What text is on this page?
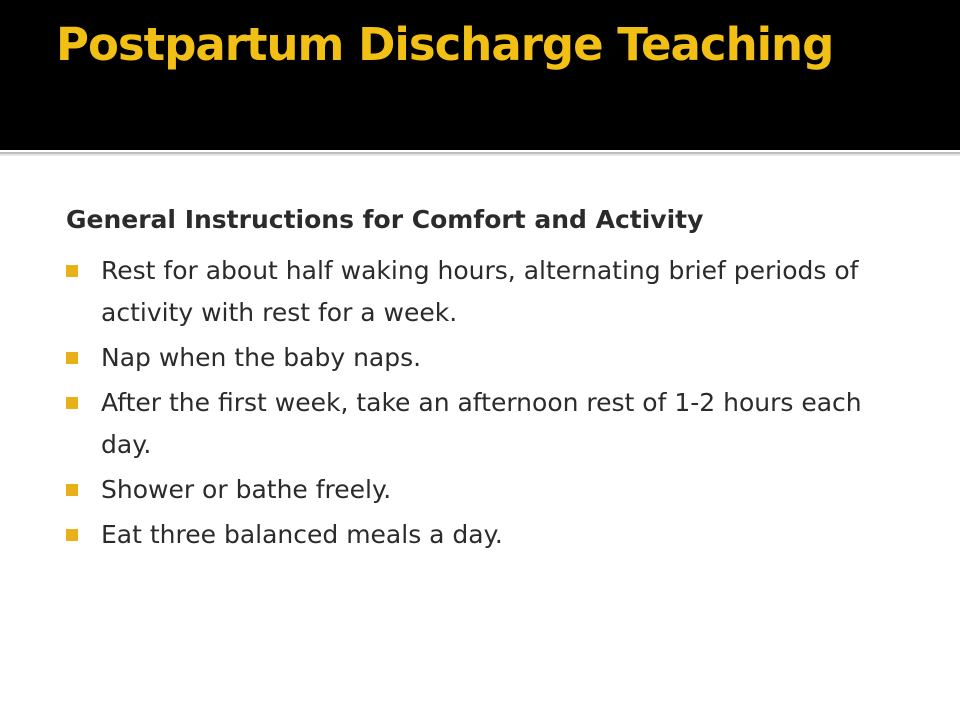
Postpartum Discharge Teaching

General Instructions for Comfort and Activity

Rest for about half waking hours, alternating brief periods of activity with rest for a week.
Nap when the baby naps.
After the first week, take an afternoon rest of 1-2 hours each day.
Shower or bathe freely.
Eat three balanced meals a day.
